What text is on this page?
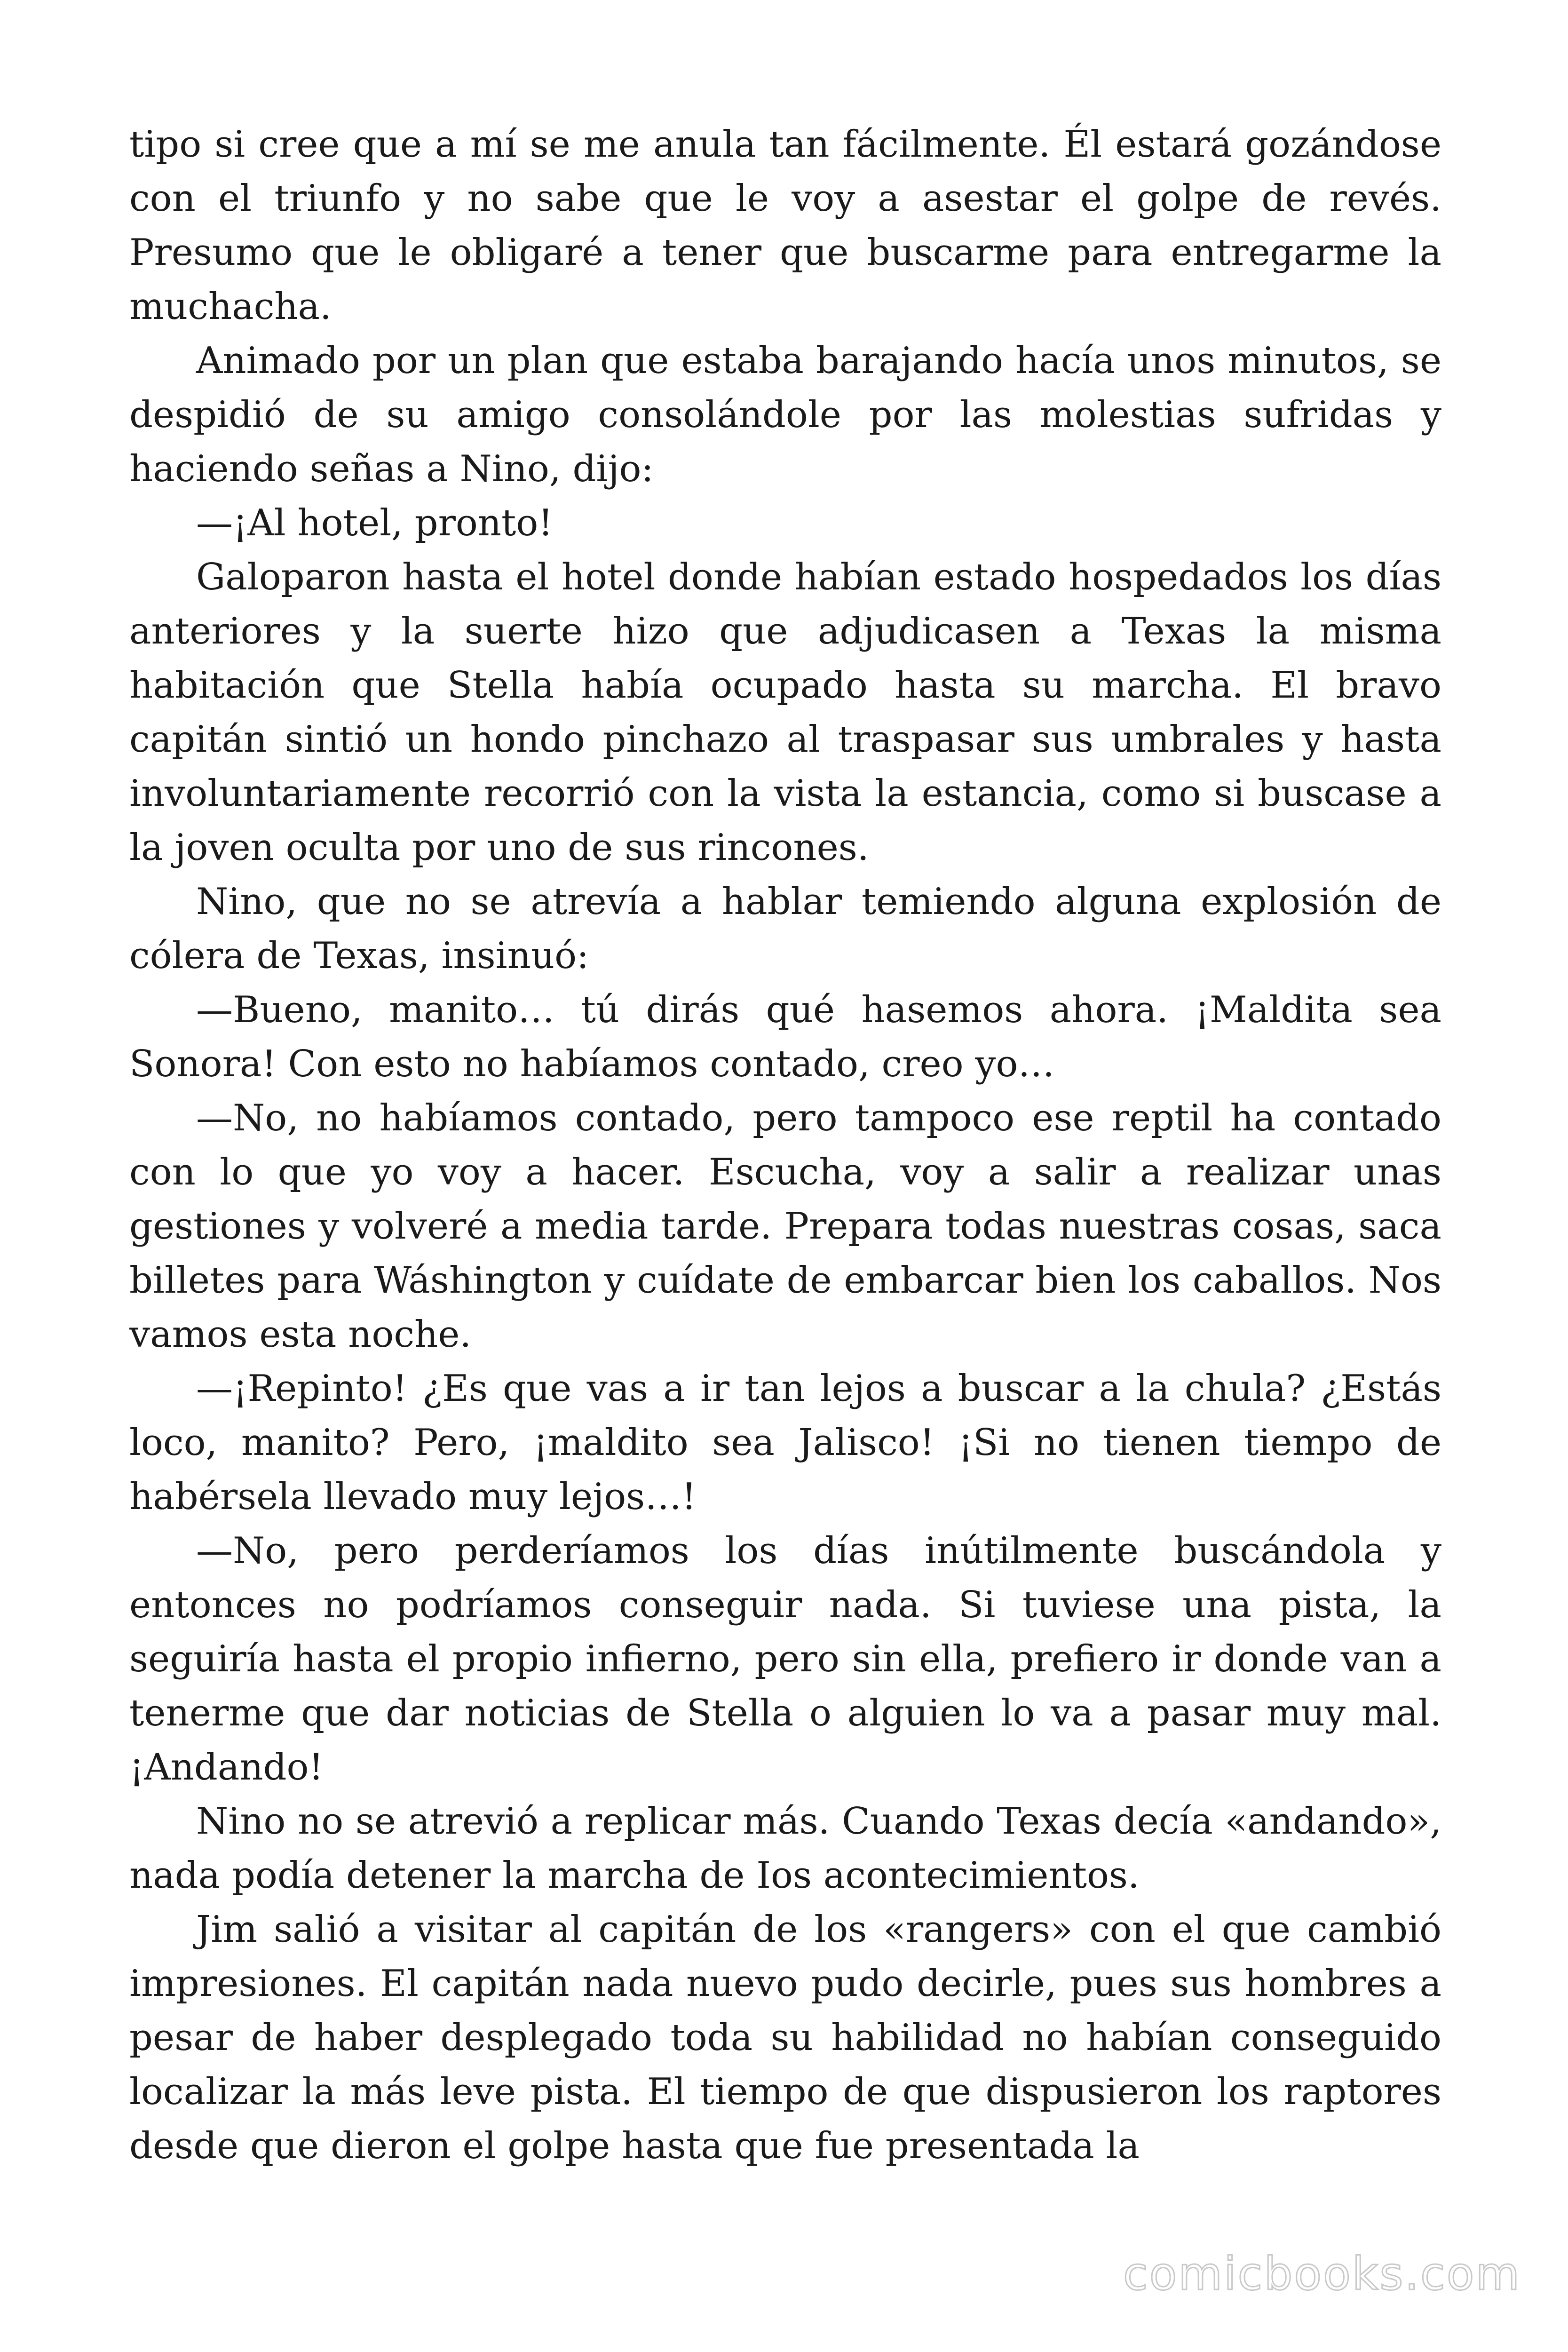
tipo si cree que a mí se me anula tan fácilmente. Él estará gozándose con el triunfo y no sabe que le voy a asestar el golpe de revés. Presumo que le obligaré a tener que buscarme para entregarme la muchacha.

Animado por un plan que estaba barajando hacía unos minutos, se despidió de su amigo consolándole por las molestias sufridas y haciendo señas a Nino, dijo:

—¡Al hotel, pronto!

Galoparon hasta el hotel donde habían estado hospedados los días anteriores y la suerte hizo que adjudicasen a Texas la misma habitación que Stella había ocupado hasta su marcha. El bravo capitán sintió un hondo pinchazo al traspasar sus umbrales y hasta involuntariamente recorrió con la vista la estancia, como si buscase a la joven oculta por uno de sus rincones.

Nino, que no se atrevía a hablar temiendo alguna explosión de cólera de Texas, insinuó:

—Bueno, manito… tú dirás qué hasemos ahora. ¡Maldita sea Sonora! Con esto no habíamos contado, creo yo…

—No, no habíamos contado, pero tampoco ese reptil ha contado con lo que yo voy a hacer. Escucha, voy a salir a realizar unas gestiones y volveré a media tarde. Prepara todas nuestras cosas, saca billetes para Wáshington y cuídate de embarcar bien los caballos. Nos vamos esta noche.

—¡Repinto! ¿Es que vas a ir tan lejos a buscar a la chula? ¿Estás loco, manito? Pero, ¡maldito sea Jalisco! ¡Si no tienen tiempo de habérsela llevado muy lejos…!

—No, pero perderíamos los días inútilmente buscándola y entonces no podríamos conseguir nada. Si tuviese una pista, la seguiría hasta el propio infierno, pero sin ella, prefiero ir donde van a tenerme que dar noticias de Stella o alguien lo va a pasar muy mal. ¡Andando!

Nino no se atrevió a replicar más. Cuando Texas decía «andando», nada podía detener la marcha de Ios acontecimientos.

Jim salió a visitar al capitán de los «rangers» con el que cambió impresiones. El capitán nada nuevo pudo decirle, pues sus hombres a pesar de haber desplegado toda su habilidad no habían conseguido localizar la más leve pista. El tiempo de que dispusieron los raptores desde que dieron el golpe hasta que fue presentada la

comicbooks.com
